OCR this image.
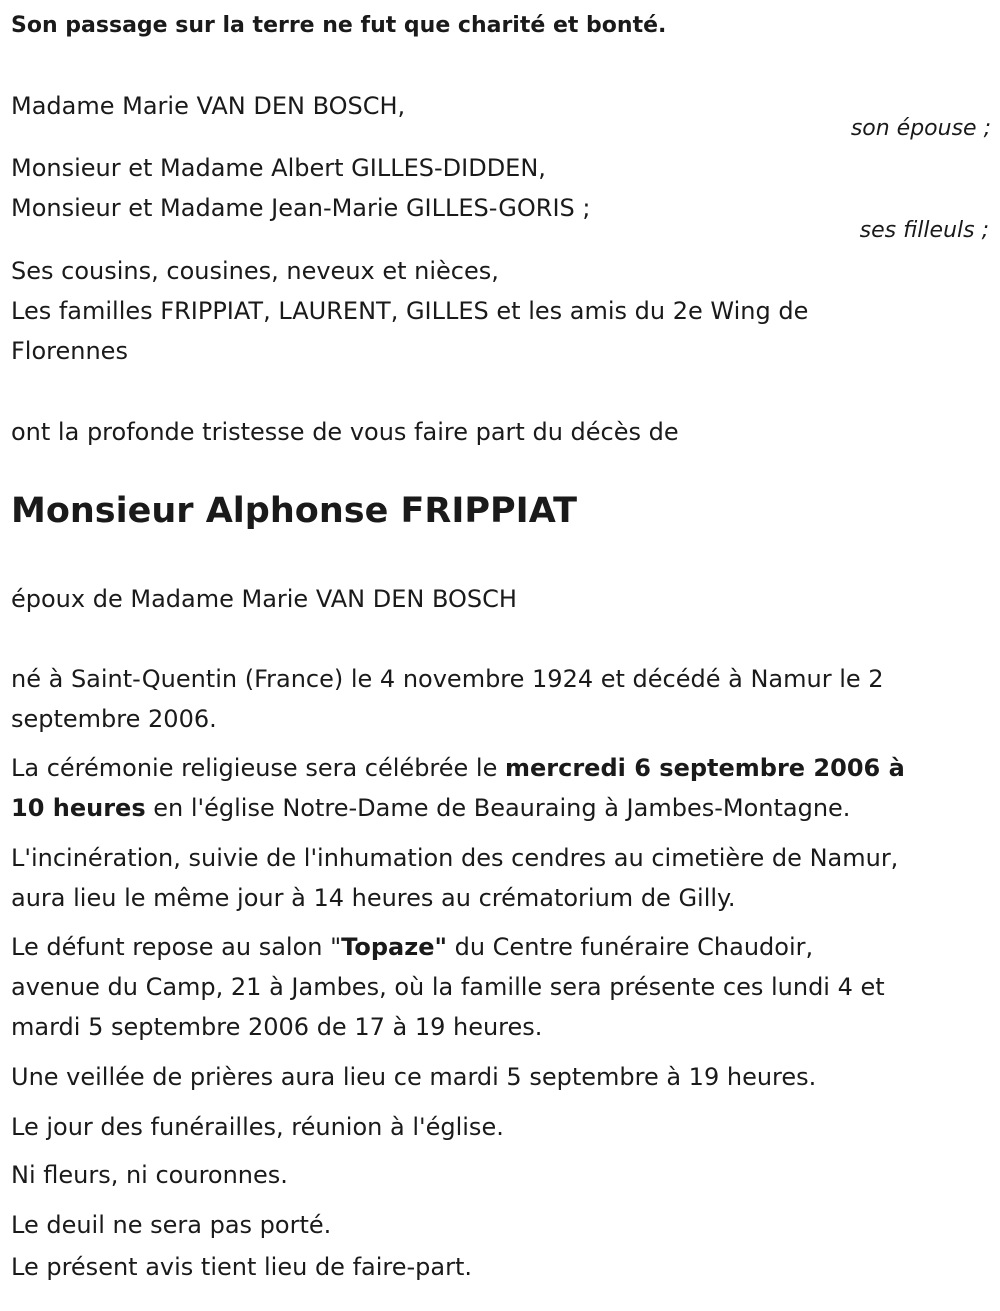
Son passage sur la terre ne fut que charité et bonté.
Madame Marie VAN DEN BOSCH,
son épouse ;
Monsieur et Madame Albert GILLES-DIDDEN,
Monsieur et Madame Jean-Marie GILLES-GORIS ;
ses filleuls ;
Ses cousins, cousines, neveux et nièces,
Les familles FRIPPIAT, LAURENT, GILLES et les amis du 2e Wing de
Florennes
ont la profonde tristesse de vous faire part du décès de
Monsieur Alphonse FRIPPIAT
époux de Madame Marie VAN DEN BOSCH
né à Saint-Quentin (France) le 4 novembre 1924 et décédé à Namur le 2
septembre 2006.
La cérémonie religieuse sera célébrée le mercredi 6 septembre 2006 à
10 heures en l'église Notre-Dame de Beauraing à Jambes-Montagne.
L'incinération, suivie de l'inhumation des cendres au cimetière de Namur,
aura lieu le même jour à 14 heures au crématorium de Gilly.
Le défunt repose au salon "Topaze" du Centre funéraire Chaudoir,
avenue du Camp, 21 à Jambes, où la famille sera présente ces lundi 4 et
mardi 5 septembre 2006 de 17 à 19 heures.
Une veillée de prières aura lieu ce mardi 5 septembre à 19 heures.
Le jour des funérailles, réunion à l'église.
Ni fleurs, ni couronnes.
Le deuil ne sera pas porté.
Le présent avis tient lieu de faire-part.
